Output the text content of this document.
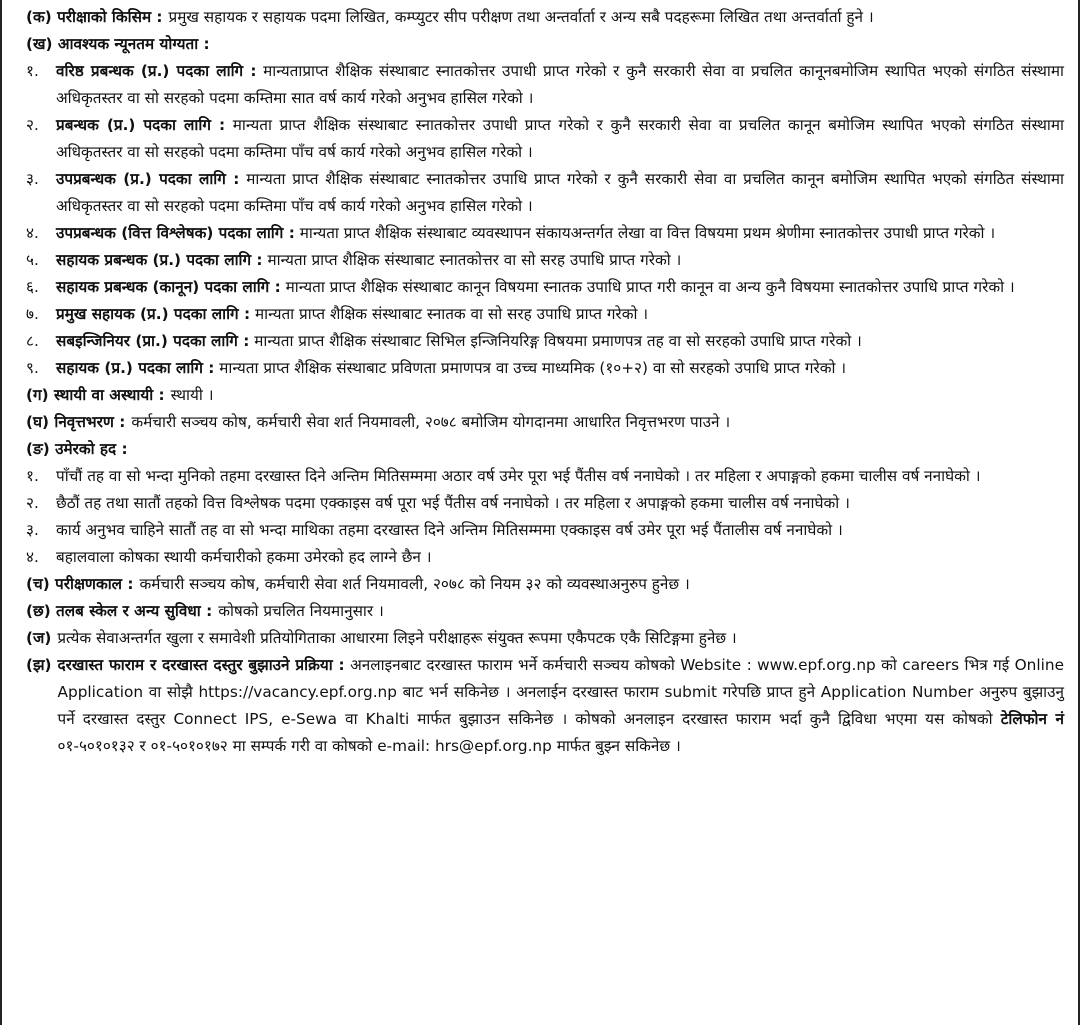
(क) परीक्षाको किसिम : प्रमुख सहायक र सहायक पदमा लिखित, कम्प्युटर सीप परीक्षण तथा अन्तर्वार्ता र अन्य सबै पदहरूमा लिखित तथा अन्तर्वार्ता हुने ।
(ख) आवश्यक न्यूनतम योग्यता :
१.	वरिष्ठ प्रबन्धक (प्र.) पदका लागि : मान्यताप्राप्त शैक्षिक संस्थाबाट स्नातकोत्तर उपाधी प्राप्त गरेको र कुनै सरकारी सेवा वा प्रचलित कानूनबमोजिम स्थापित भएको संगठित संस्थामा अधिकृतस्तर वा सो सरहको पदमा कम्तिमा सात वर्ष कार्य गरेको अनुभव हासिल गरेको ।
२.	प्रबन्धक (प्र.) पदका लागि : मान्यता प्राप्त शैक्षिक संस्थाबाट स्नातकोत्तर उपाधी प्राप्त गरेको र कुनै सरकारी सेवा वा प्रचलित कानून बमोजिम स्थापित भएको संगठित संस्थामा अधिकृतस्तर वा सो सरहको पदमा कम्तिमा पाँच वर्ष कार्य गरेको अनुभव हासिल गरेको ।
३.	उपप्रबन्धक (प्र.) पदका लागि : मान्यता प्राप्त शैक्षिक संस्थाबाट स्नातकोत्तर उपाधि प्राप्त गरेको र कुनै सरकारी सेवा वा प्रचलित कानून बमोजिम स्थापित भएको संगठित संस्थामा अधिकृतस्तर वा सो सरहको पदमा कम्तिमा पाँच वर्ष कार्य गरेको अनुभव हासिल गरेको ।
४.	उपप्रबन्धक (वित्त विश्लेषक) पदका लागि : मान्यता प्राप्त शैक्षिक संस्थाबाट व्यवस्थापन संकायअन्तर्गत लेखा वा वित्त विषयमा प्रथम श्रेणीमा स्नातकोत्तर उपाधी प्राप्त गरेको ।
५.	सहायक प्रबन्धक (प्र.) पदका लागि : मान्यता प्राप्त शैक्षिक संस्थाबाट स्नातकोत्तर वा सो सरह उपाधि प्राप्त गरेको ।
६.	सहायक प्रबन्धक (कानून) पदका लागि : मान्यता प्राप्त शैक्षिक संस्थाबाट कानून विषयमा स्नातक उपाधि प्राप्त गरी कानून वा अन्य कुनै विषयमा स्नातकोत्तर उपाधि प्राप्त गरेको ।
७.	प्रमुख सहायक (प्र.) पदका लागि : मान्यता प्राप्त शैक्षिक संस्थाबाट स्नातक वा सो सरह उपाधि प्राप्त गरेको ।
८.	सबइन्जिनियर (प्रा.) पदका लागि : मान्यता प्राप्त शैक्षिक संस्थाबाट सिभिल इन्जिनियरिङ्ग विषयमा प्रमाणपत्र तह वा सो सरहको उपाधि प्राप्त गरेको ।
९.	सहायक (प्र.) पदका लागि : मान्यता प्राप्त शैक्षिक संस्थाबाट प्रविणता प्रमाणपत्र वा उच्च माध्यमिक (१०+२) वा सो सरहको उपाधि प्राप्त गरेको ।
(ग) स्थायी वा अस्थायी : स्थायी ।
(घ) निवृत्तभरण : कर्मचारी सञ्चय कोष, कर्मचारी सेवा शर्त नियमावली, २०७८ बमोजिम योगदानमा आधारित निवृत्तभरण पाउने ।
(ङ) उमेरको हद :
१.	पाँचौं तह वा सो भन्दा मुनिको तहमा दरखास्त दिने अन्तिम मितिसम्ममा अठार वर्ष उमेर पूरा भई पैंतीस वर्ष ननाघेको । तर महिला र अपाङ्गको हकमा चालीस वर्ष ननाघेको ।
२.	छैठौं तह तथा सातौं तहको वित्त विश्लेषक पदमा एक्काइस वर्ष पूरा भई पैंतीस वर्ष ननाघेको । तर महिला र अपाङ्गको हकमा चालीस वर्ष ननाघेको ।
३.	कार्य अनुभव चाहिने सातौं तह वा सो भन्दा माथिका तहमा दरखास्त दिने अन्तिम मितिसम्ममा एक्काइस वर्ष उमेर पूरा भई पैंतालीस वर्ष ननाघेको ।
४.	बहालवाला कोषका स्थायी कर्मचारीको हकमा उमेरको हद लाग्ने छैन ।
(च) परीक्षणकाल : कर्मचारी सञ्चय कोष, कर्मचारी सेवा शर्त नियमावली, २०७८ को नियम ३२ को व्यवस्थाअनुरुप हुनेछ ।
(छ) तलब स्केल र अन्य सुविधा : कोषको प्रचलित नियमानुसार ।
(ज) प्रत्येक सेवाअन्तर्गत खुला र समावेशी प्रतियोगिताका आधारमा लिइने परीक्षाहरू संयुक्त रूपमा एकैपटक एकै सिटिङ्गमा हुनेछ ।
(झ) दरखास्त फाराम र दरखास्त दस्तुर बुझाउने प्रक्रिया : अनलाइनबाट दरखास्त फाराम भर्ने कर्मचारी सञ्चय कोषको Website : www.epf.org.np को careers भित्र गई Online Application वा सोझै https://vacancy.epf.org.np बाट भर्न सकिनेछ । अनलाईन दरखास्त फाराम submit गरेपछि प्राप्त हुने Application Number अनुरुप बुझाउनु पर्ने दरखास्त दस्तुर Connect IPS, e-Sewa वा Khalti मार्फत बुझाउन सकिनेछ । कोषको अनलाइन दरखास्त फाराम भर्दा कुनै द्विविधा भएमा यस कोषको टेलिफोन नं ०१-५०१०१३२ र ०१-५०१०१७२ मा सम्पर्क गरी वा कोषको e-mail: hrs@epf.org.np मार्फत बुझ्न सकिनेछ ।
